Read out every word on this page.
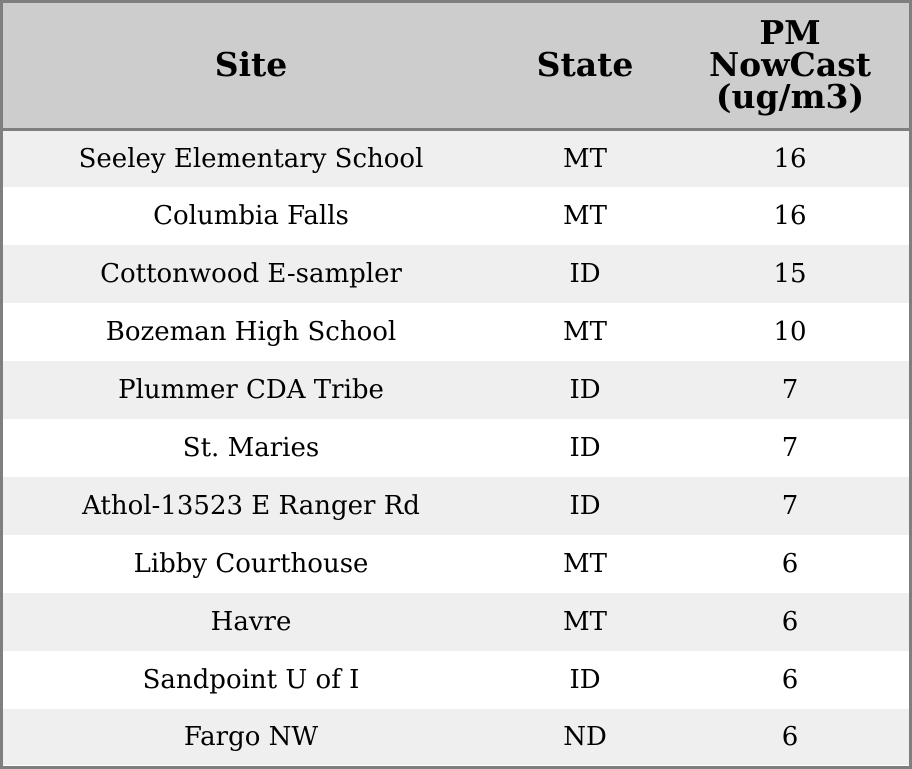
Site	State	PM
NowCast
(ug/m3)
Seeley Elementary School	MT	16
Columbia Falls	MT	16
Cottonwood E-sampler	ID	15
Bozeman High School	MT	10
Plummer CDA Tribe	ID	7
St. Maries	ID	7
Athol-13523 E Ranger Rd	ID	7
Libby Courthouse	MT	6
Havre	MT	6
Sandpoint U of I	ID	6
Fargo NW	ND	6
